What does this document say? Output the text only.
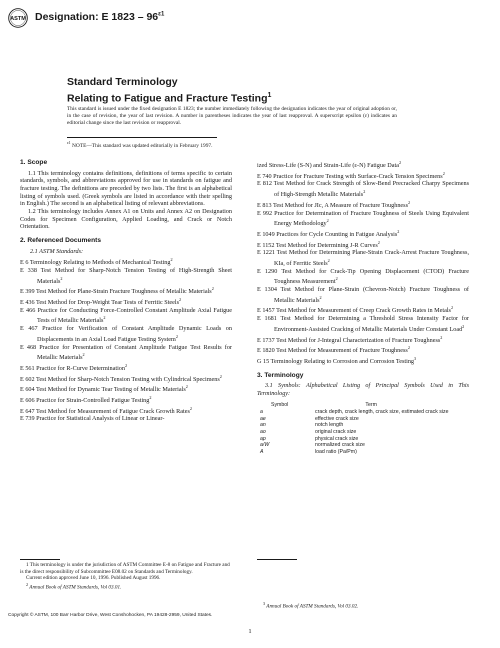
ASTM Designation: E $1823 - 96^{\varepsilon 1}$
Standard Terminology
Relating to Fatigue and Fracture Testing$^1$
This standard is issued under the fixed designation E 1823; the number immediately following the designation indicates the year of original adoption or, in the case of revision, the year of last revision. A number in parentheses indicates the year of last reapproval. A superscript epsilon (ε) indicates an editorial change since the last revision or reapproval.
$^{\varepsilon 1}$ NOTE—This standard was updated editorially in February 1997.
1. Scope

1.1 This terminology contains definitions, definitions of terms specific to certain standards, symbols, and abbreviations approved for use in standards on fatigue and fracture testing. The definitions are preceded by two lists. The first is an alphabetical listing of symbols used. (Greek symbols are listed in accordance with their spelling in English.) The second is an alphabetical listing of relevant abbreviations.

1.2 This terminology includes Annex A1 on Units and Annex A2 on Designation Codes for Specimen Configuration, Applied Loading, and Crack or Notch Orientation.

2. Referenced Documents
2.1 ASTM Standards:
E 6 Terminology Relating to Methods of Mechanical Testing$^2$
E 338 Test Method for Sharp-Notch Tension Testing of High-Strength Sheet Materials$^2$
E 399 Test Method for Plane-Strain Fracture Toughness of Metallic Materials$^2$
E 436 Test Method for Drop-Weight Tear Tests of Ferritic Steels$^2$
E 466 Practice for Conducting Force-Controlled Constant Amplitude Axial Fatigue Tests of Metallic Materials$^2$
E 467 Practice for Verification of Constant Amplitude Dynamic Loads on Displacements in an Axial Load Fatigue Testing System$^2$
E 468 Practice for Presentation of Constant Amplitude Fatigue Test Results for Metallic Materials$^2$
E 561 Practice for R-Curve Determination$^2$
E 602 Test Method for Sharp-Notch Tension Testing with Cylindrical Specimens$^2$
E 604 Test Method for Dynamic Tear Testing of Metallic Materials$^2$
E 606 Practice for Strain-Controlled Fatigue Testing$^2$
E 647 Test Method for Measurement of Fatigue Crack Growth Rates$^2$
E 739 Practice for Statistical Analysis of Linear or Linear-
ized Stress-Life (S-N) and Strain-Life (ε-N) Fatigue Data$^2$
E 740 Practice for Fracture Testing with Surface-Crack Tension Specimens$^2$
E 812 Test Method for Crack Strength of Slow-Bend Precracked Charpy Specimens of High-Strength Metallic Materials$^2$
E 813 Test Method for JIc, A Measure of Fracture Toughness$^2$
E 992 Practice for Determination of Fracture Toughness of Steels Using Equivalent Energy Methodology$^2$
E 1049 Practices for Cycle Counting in Fatigue Analysis$^2$
E 1152 Test Method for Determining J-R Curves$^2$
E 1221 Test Method for Determining Plane-Strain Crack-Arrest Fracture Toughness, KIa, of Ferritic Steels$^2$
E 1290 Test Method for Crack-Tip Opening Displacement (CTOD) Fracture Toughness Measurement$^2$
E 1304 Test Method for Plane-Strain (Chevron-Notch) Fracture Toughness of Metallic Materials$^2$
E 1457 Test Method for Measurement of Creep Crack Growth Rates in Metals$^2$
E 1681 Test Method for Determining a Threshold Stress Intensity Factor for Environment-Assisted Cracking of Metallic Materials Under Constant Load$^2$
E 1737 Test Method for J-Integral Characterization of Fracture Toughness$^2$
E 1820 Test Method for Measurement of Fracture Toughness$^2$
G 15 Terminology Relating to Corrosion and Corrosion Testing$^3$
3. Terminology

3.1 Symbols: Alphabetical Listing of Principal Symbols Used in This Terminology:

Symbol	Term
a	crack depth, crack length, crack size, estimated crack size
ae	effective crack size
an	notch length
ao	original crack size
ap	physical crack size
a/W	normalized crack size
A	load ratio (Pa/Pm)

1 This terminology is under the jurisdiction of ASTM Committee E-8 on Fatigue and Fracture and is the direct responsibility of Subcommittee E08.02 on Standards and Terminology.

Current edition approved June 10, 1996. Published August 1996.

$^2$ Annual Book of ASTM Standards, Vol 03.01.

$^3$ Annual Book of ASTM Standards, Vol 03.02.

Copyright © ASTM, 100 Barr Harbor Drive, West Conshohocken, PA 19428-2959, United States.
1
